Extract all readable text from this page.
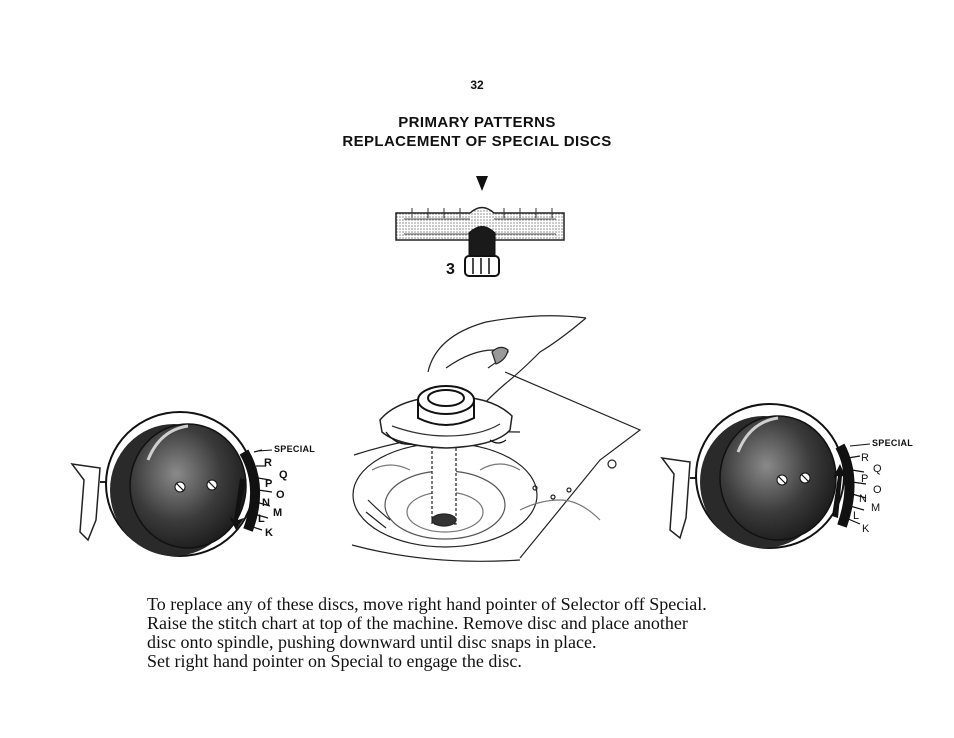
32
PRIMARY PATTERNS
REPLACEMENT OF SPECIAL DISCS
3
SPECIAL
R
Q
P
O
N
M
L
K
SPECIAL
R
Q
P
O
N
M
L
K

To replace any of these discs, move right hand pointer of Selector off Special.

Raise the stitch chart at top of the machine. Remove disc and place another

disc onto spindle, pushing downward until disc snaps in place.

Set right hand pointer on Special to engage the disc.
